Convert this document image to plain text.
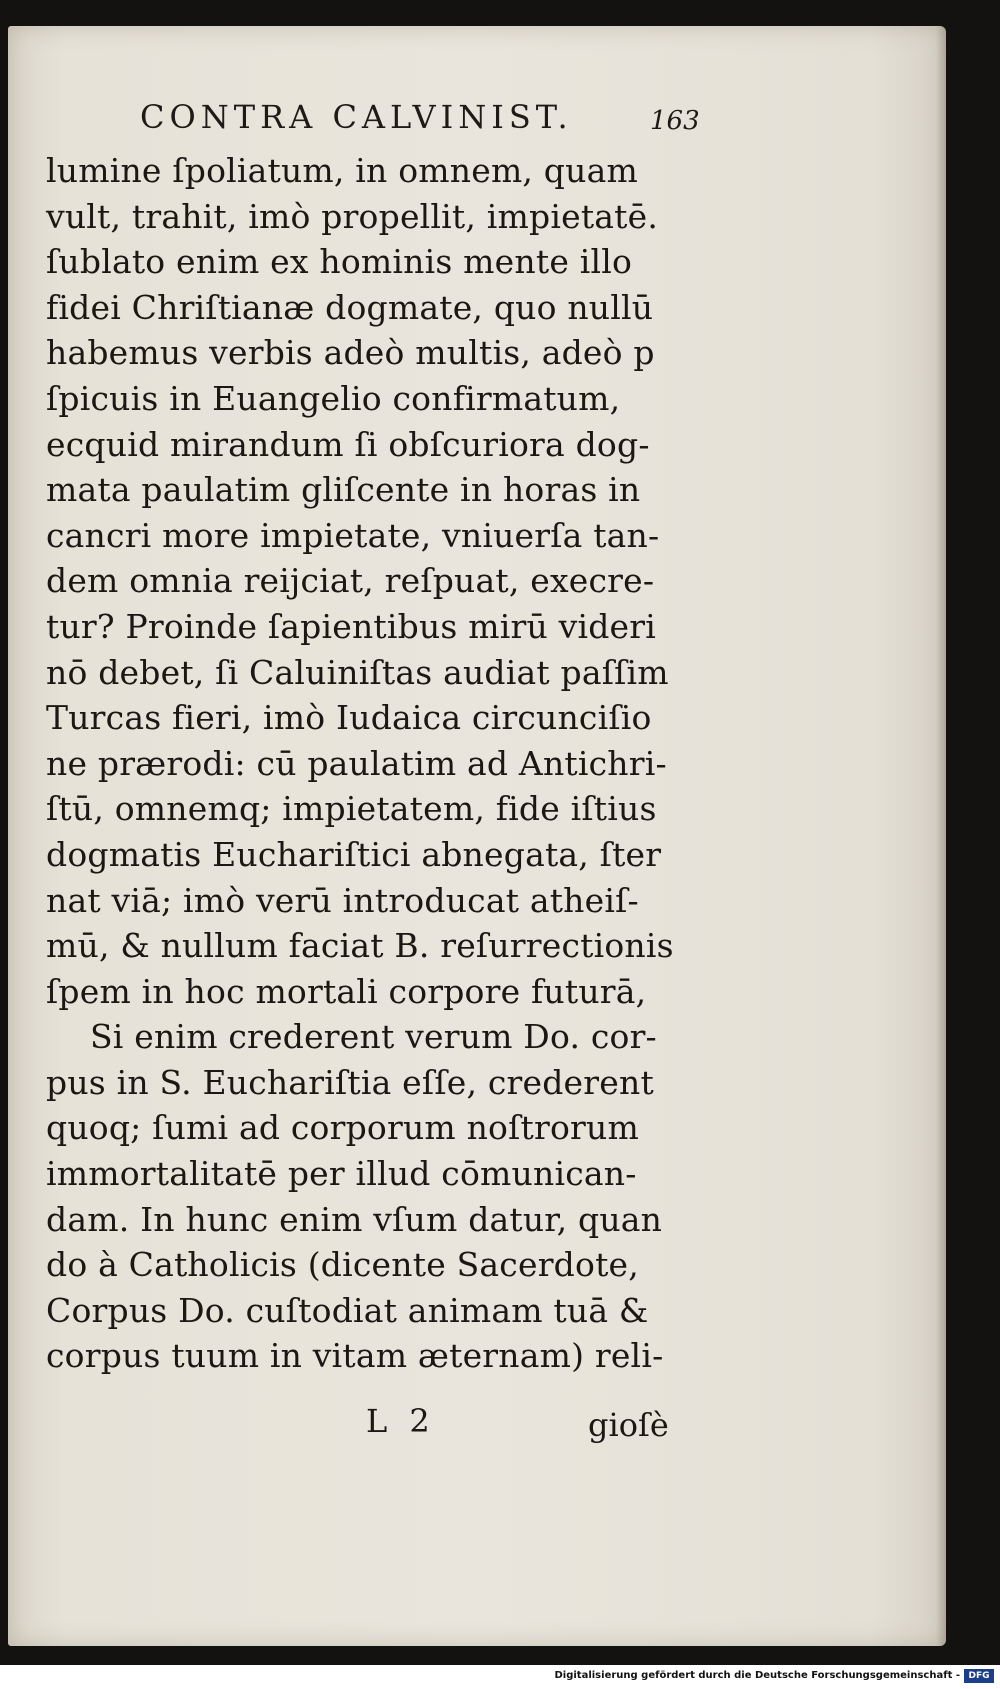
CONTRA CALVINIST.	163
lumine ſpoliatum, in omnem, quam
vult, trahit, imò propellit, impietatē.
ſublato enim ex hominis mente illo
fidei Chriſtianæ dogmate, quo nullū
habemus verbis adeò multis, adeò p
ſpicuis in Euangelio confirmatum,
ecquid mirandum ſi obſcuriora dog-
mata paulatim gliſcente in horas in
cancri more impietate, vniuerſa tan-
dem omnia reijciat, reſpuat, execre-
tur? Proinde ſapientibus mirū videri
nō debet, ſi Caluiniſtas audiat paſſim
Turcas fieri, imò Iudaica circunciſio
ne prærodi: cū paulatim ad Antichri-
ſtū, omnemq; impietatem, fide iſtius
dogmatis Euchariſtici abnegata, ſter
nat viā; imò verū introducat atheiſ-
mū, & nullum faciat B. reſurrectionis
ſpem in hoc mortali corpore futurā,
Si enim crederent verum Do. cor-
pus in S. Euchariſtia eſſe, crederent
quoq; ſumi ad corporum noſtrorum
immortalitatē per illud cōmunican-
dam. In hunc enim vſum datur, quan
do à Catholicis (dicente Sacerdote,
Corpus Do. cuſtodiat animam tuā &
corpus tuum in vitam æternam) reli-
L 2	gioſè
Digitalisierung gefördert durch die Deutsche Forschungsgemeinschaft - DFG
